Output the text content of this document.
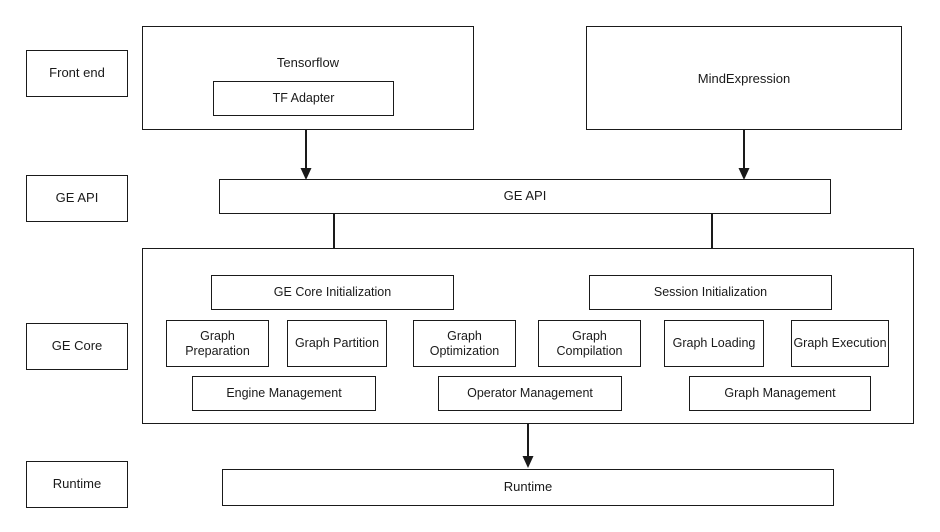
Front end
GE API
GE Core
Runtime
Tensorflow
TF Adapter
MindExpression
GE API
GE Core Initialization	Session Initialization
Graph Preparation
Graph Partition
Graph Optimization
Graph Compilation
Graph Loading	Graph Execution
Engine Management	Operator Management	Graph Management
Runtime
